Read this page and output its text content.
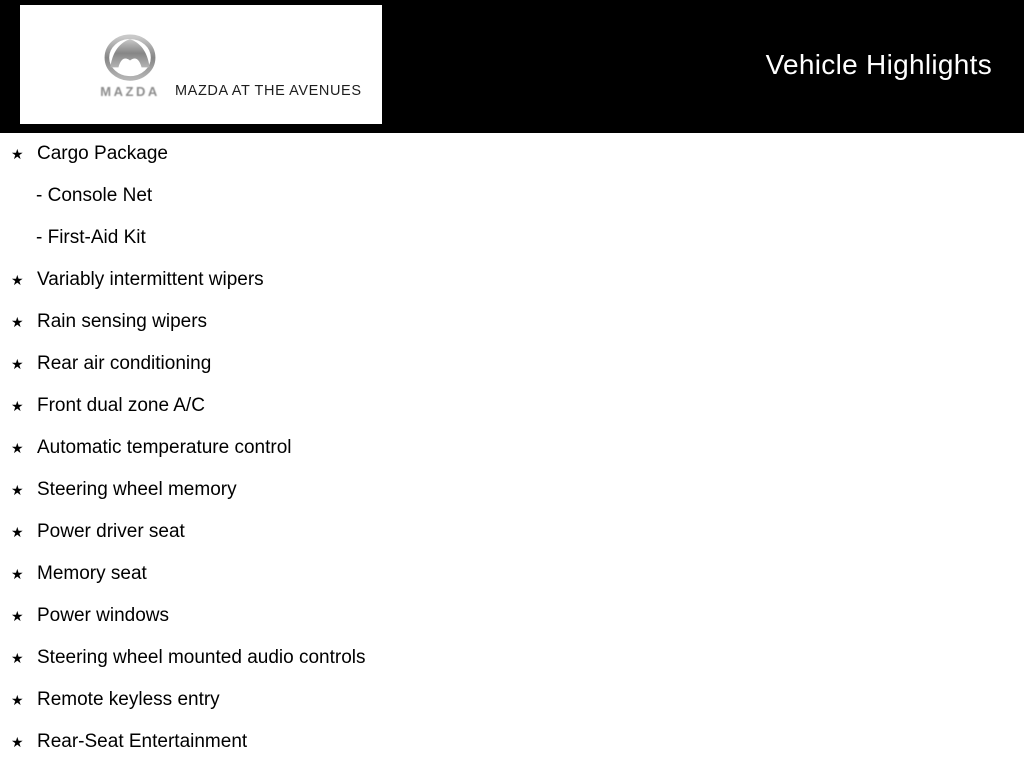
MAZDA	MAZDA AT THE AVENUES
Vehicle Highlights
★ Cargo Package
- Console Net
- First-Aid Kit
★ Variably intermittent wipers
★ Rain sensing wipers
★ Rear air conditioning
★ Front dual zone A/C
★ Automatic temperature control
★ Steering wheel memory
★ Power driver seat
★ Memory seat
★ Power windows
★ Steering wheel mounted audio controls
★ Remote keyless entry
★ Rear-Seat Entertainment
